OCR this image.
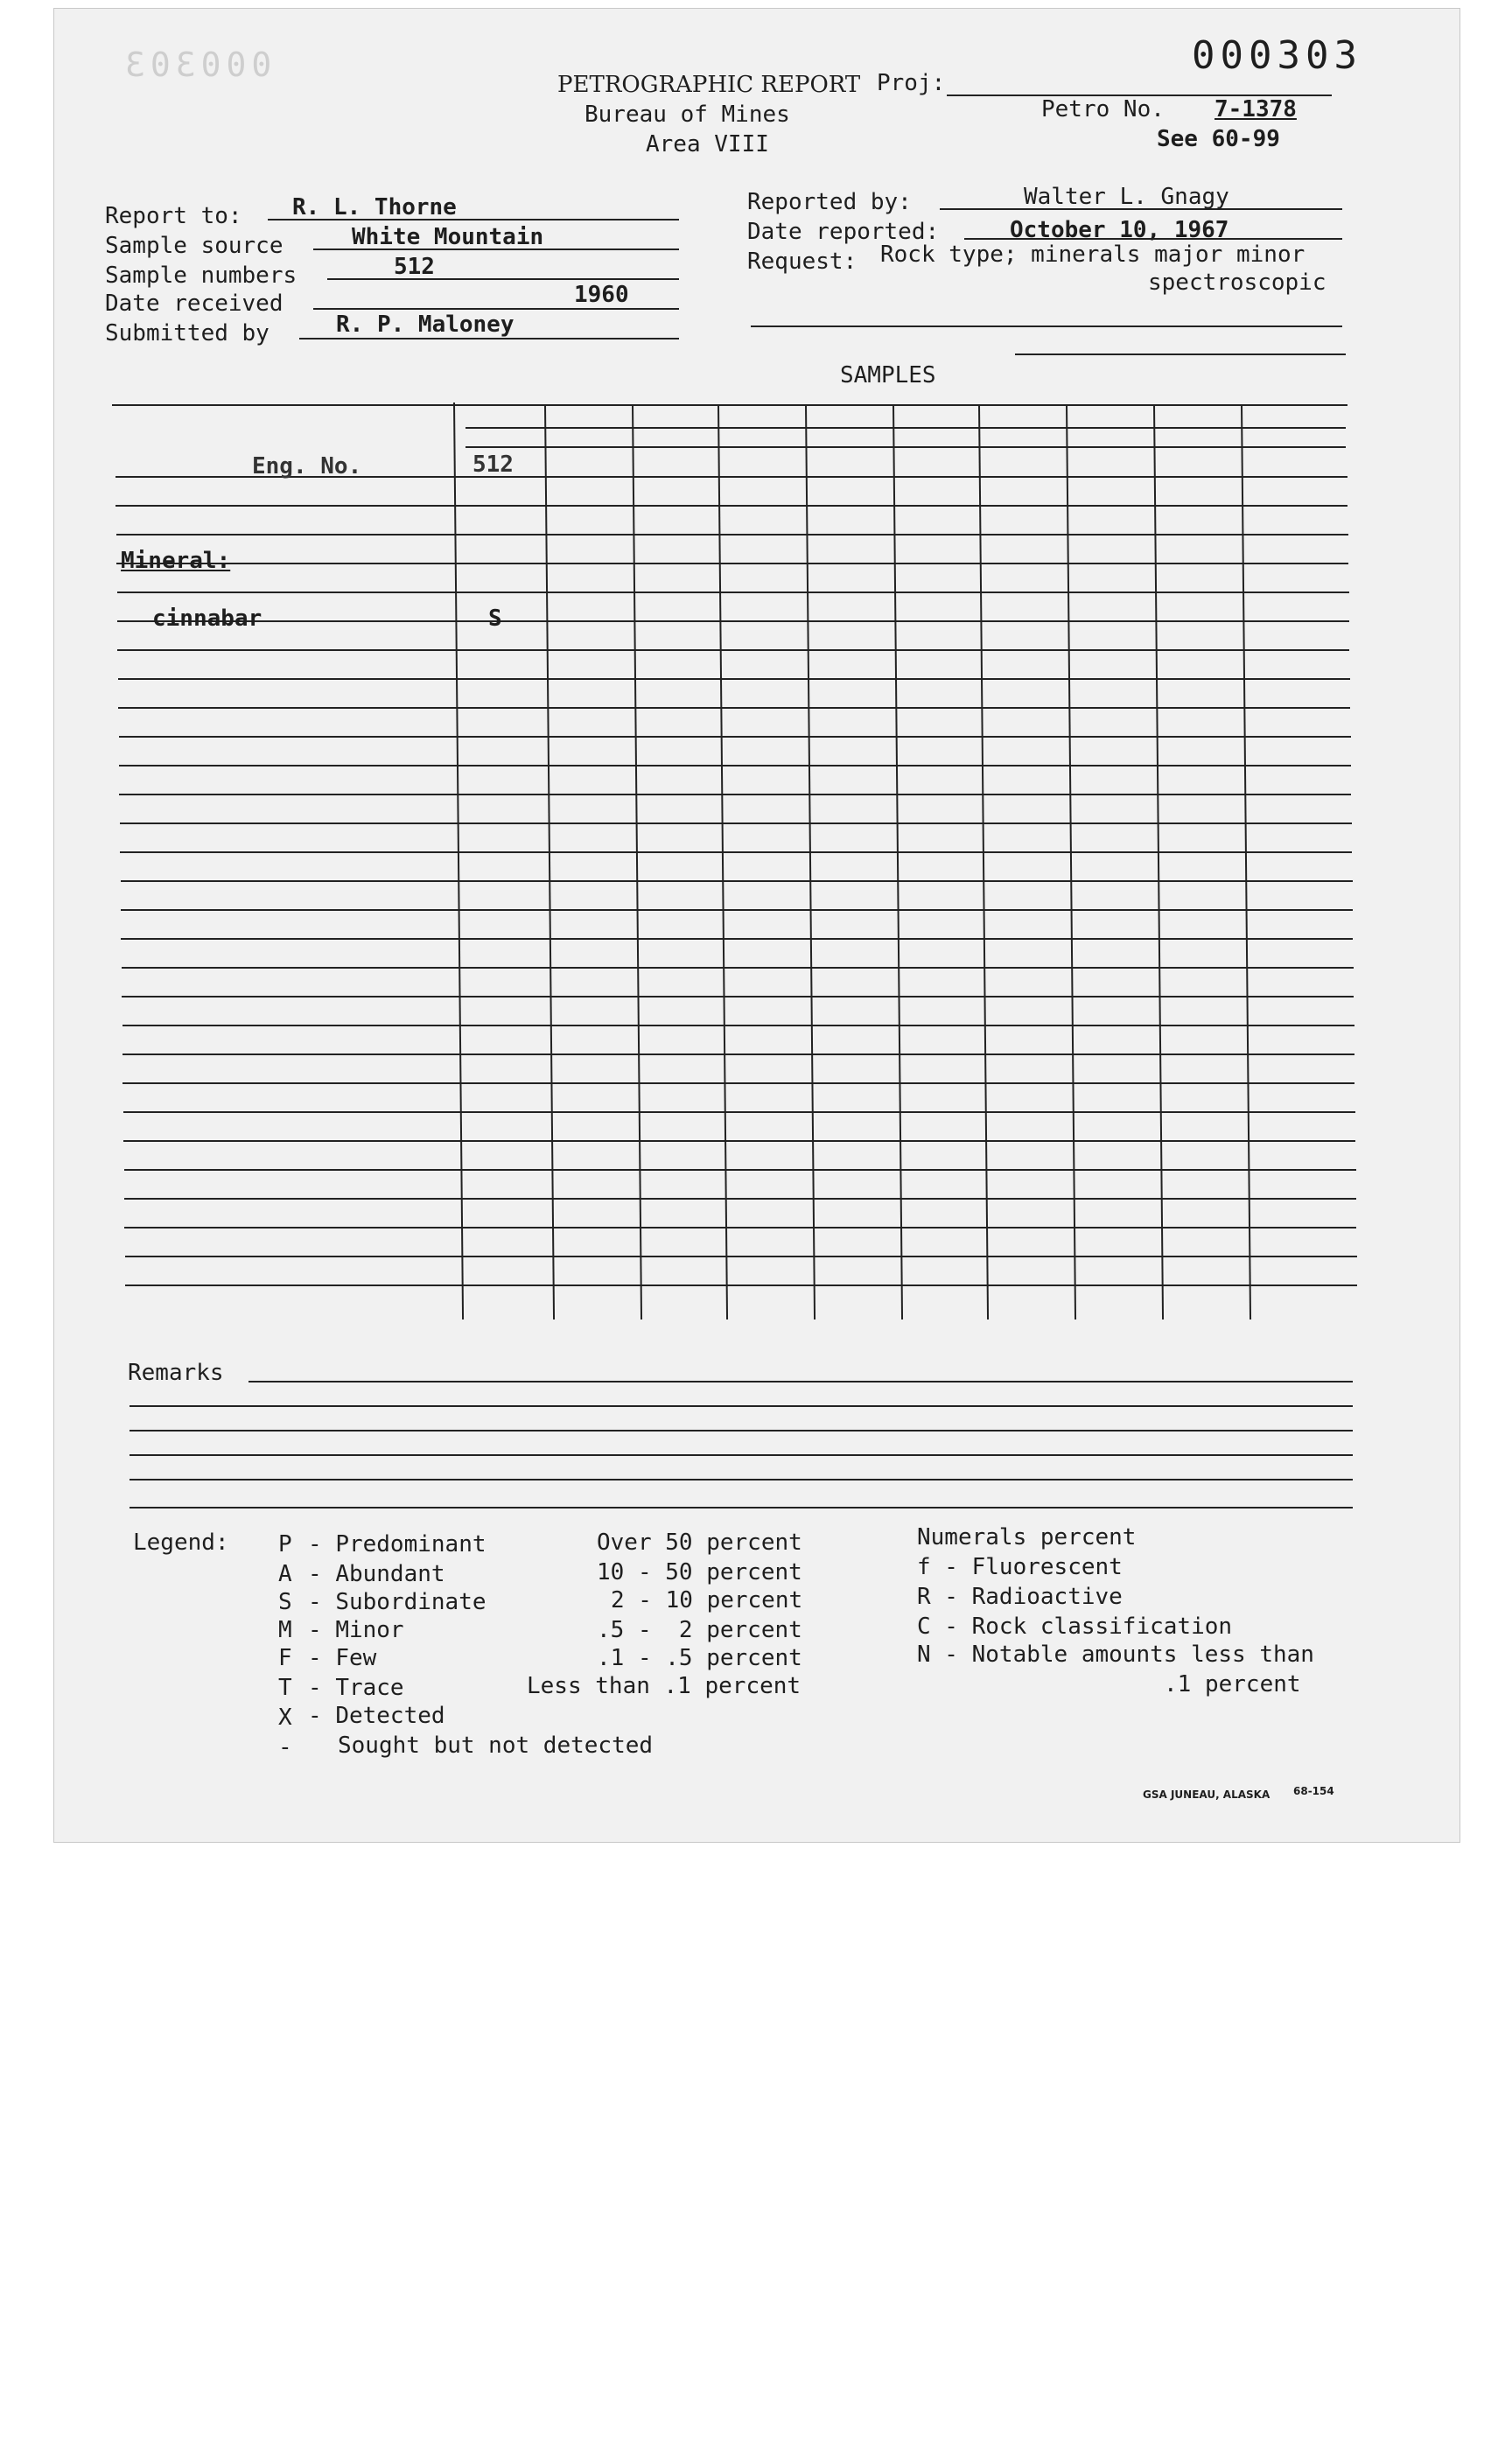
000303
000303
PETROGRAPHIC REPORT
Bureau of Mines
Area VIII
Proj:
Petro No. 7-1378
See 60-99
Report to: R. L. Thorne
Sample source	White Mountain
Sample numbers	512
Date received	1960
Submitted by	R. P. Maloney
Reported by:	Walter L. Gnagy
Date reported:	October 10, 1967
Request: Rock type; minerals major minor
spectroscopic
SAMPLES
Eng. No.	512
Mineral:
cinnabar	S
Remarks
Legend: P - Predominant	Over 50 percent
A - Abundant	10 - 50 percent
S - Subordinate	2 - 10 percent
M - Minor	.5 -  2 percent
F - Few	.1 - .5 percent
T - Trace	Less than .1 percent
X - Detected
- Sought but not detected
Numerals percent
f - Fluorescent
R - Radioactive
C - Rock classification
N - Notable amounts less than
.1 percent
GSA JUNEAU, ALASKA 68-154
